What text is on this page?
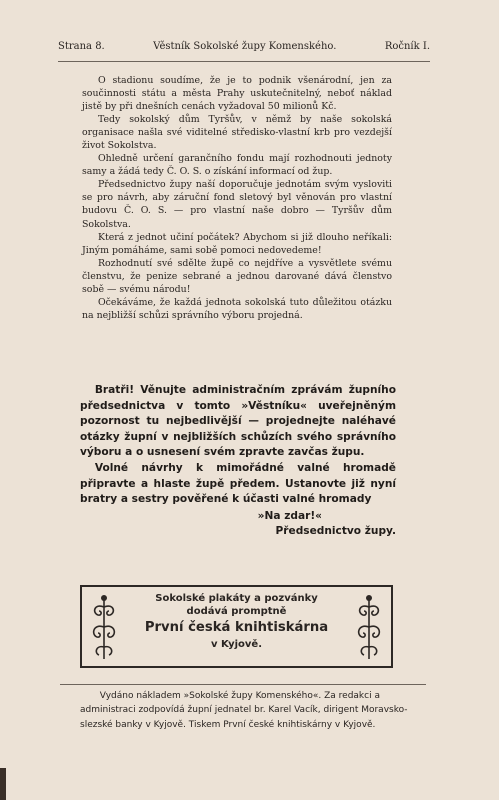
Strana 8.	Věstník Sokolské župy Komenského.	Ročník I.

O stadionu soudíme, že je to podnik všenárodní, jen za součinnosti státu a města Prahy uskutečnitelný, neboť náklad jistě by při dnešních cenách vyžadoval 50 milionů Kč.

Tedy sokolský dům Tyršův, v němž by naše sokolská organisace našla své viditelné středisko-vlastní krb pro vezdejší život Sokolstva.

Ohledně určení garančního fondu mají rozhodnouti jednoty samy a žádá tedy Č. O. S. o získání informací od žup.

Předsednictvo župy naší doporučuje jednotám svým vysloviti se pro návrh, aby záruční fond sletový byl věnován pro vlastní budovu Č. O. S. — pro vlastní naše dobro — Tyršův dům Sokolstva.

Která z jednot učiní počátek? Abychom si již dlouho neříkali: Jiným pomáháme, sami sobě pomoci nedovedeme!

Rozhodnutí své sdělte župě co nejdříve a vysvětlete svému členstvu, že penize sebrané a jednou darované dává členstvo sobě — svému národu!

Očekáváme, že každá jednota sokolská tuto důležitou otázku na nejbližší schůzi správního výboru projedná.

Bratři! Věnujte administračním zprávám župního předsednictva v tomto »Věstníku« uveřejněným pozornost tu nejbedlivější — projednejte naléhavé otázky župní v nejbližších schůzích svého správního výboru a o usnesení svém zpravte zavčas župu.

Volné návrhy k mimořádné valné hromadě připravte a hlaste župě předem. Ustanovte již nyní bratry a sestry pověřené k účasti valné hromady

»Na zdar!«

Předsednictvo župy.

Sokolské plakáty a pozvánky
dodává promptně
První česká knihtiskárna
v Kyjově.

Vydáno nákladem »Sokolské župy Komenského«. Za redakci a administraci zodpovídá župní jednatel br. Karel Vacík, dirigent Moravsko-slezské banky v Kyjově. Tiskem První české knihtiskárny v Kyjově.
